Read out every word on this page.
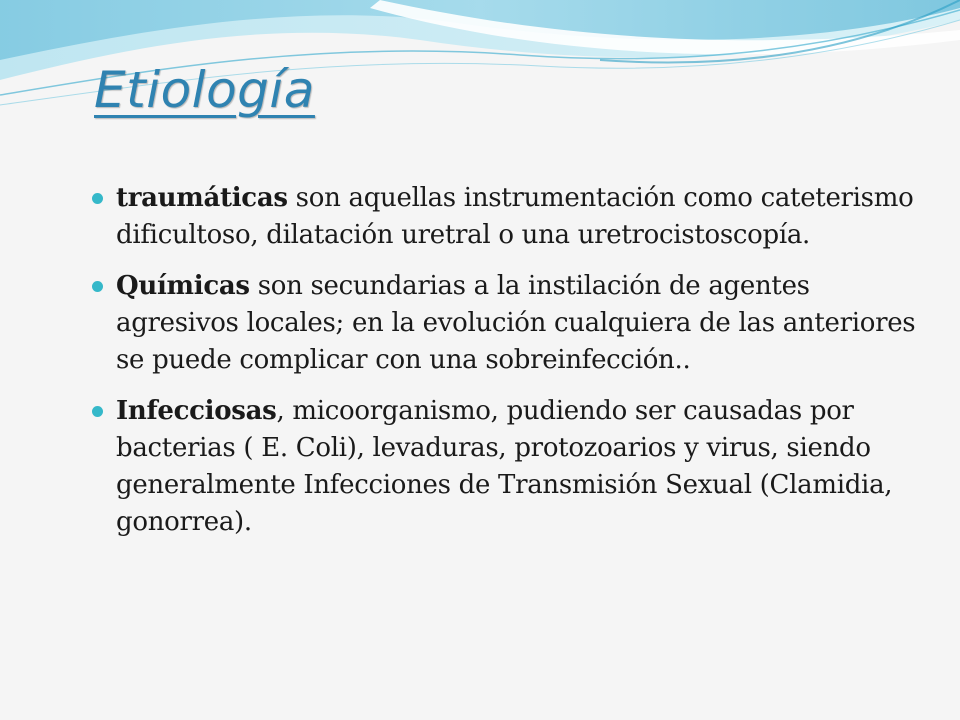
Etiología
traumáticas son aquellas instrumentación como cateterismo dificultoso, dilatación uretral o una uretrocistoscopía.
Químicas son secundarias a la instilación de agentes agresivos locales; en la evolución cualquiera de las anteriores se puede complicar con una sobreinfección..
Infecciosas, micoorganismo, pudiendo ser causadas por bacterias ( E. Coli), levaduras, protozoarios y virus, siendo generalmente Infecciones de Transmisión Sexual (Clamidia, gonorrea).
